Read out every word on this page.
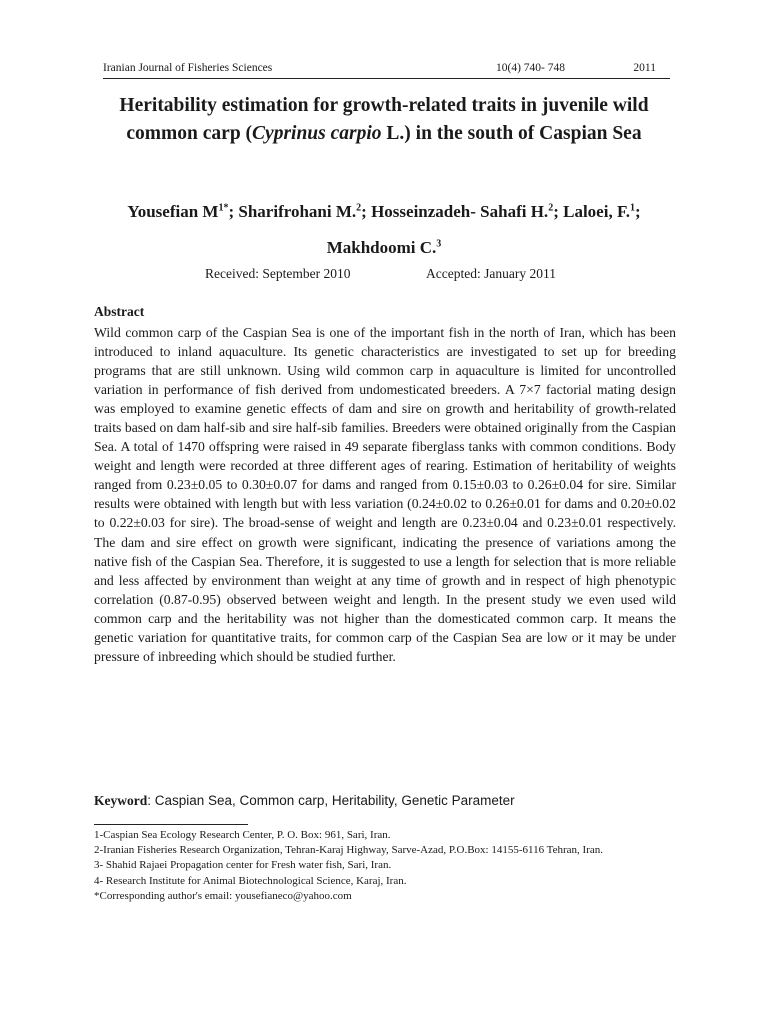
Iranian Journal of Fisheries Sciences	10(4) 740- 748	2011
Heritability estimation for growth-related traits in juvenile wild common carp (Cyprinus carpio L.) in the south of Caspian Sea
Yousefian $M^{1*}$; Sharifrohani M.$^2$; Hosseinzadeh- Sahafi H.$^2$; Laloei, F.$^1$; Makhdoomi C.$^3$
Received: September 2010	Accepted: January 2011
Abstract

Wild common carp of the Caspian Sea is one of the important fish in the north of Iran, which has been introduced to inland aquaculture. Its genetic characteristics are investigated to set up for breeding programs that are still unknown. Using wild common carp in aquaculture is limited for uncontrolled variation in performance of fish derived from undomesticated breeders. A 7×7 factorial mating design was employed to examine genetic effects of dam and sire on growth and heritability of growth-related traits based on dam half-sib and sire half-sib families. Breeders were obtained originally from the Caspian Sea. A total of 1470 offspring were raised in 49 separate fiberglass tanks with common conditions. Body weight and length were recorded at three different ages of rearing. Estimation of heritability of weights ranged from 0.23±0.05 to 0.30±0.07 for dams and ranged from 0.15±0.03 to 0.26±0.04 for sire. Similar results were obtained with length but with less variation (0.24±0.02 to 0.26±0.01 for dams and 0.20±0.02 to 0.22±0.03 for sire). The broad-sense of weight and length are 0.23±0.04 and 0.23±0.01 respectively. The dam and sire effect on growth were significant, indicating the presence of variations among the native fish of the Caspian Sea. Therefore, it is suggested to use a length for selection that is more reliable and less affected by environment than weight at any time of growth and in respect of high phenotypic correlation (0.87-0.95) observed between weight and length. In the present study we even used wild common carp and the heritability was not higher than the domesticated common carp. It means the genetic variation for quantitative traits, for common carp of the Caspian Sea are low or it may be under pressure of inbreeding which should be studied further.

Keyword: Caspian Sea, Common carp, Heritability, Genetic Parameter

1-Caspian Sea Ecology Research Center, P. O. Box: 961, Sari, Iran.

2-Iranian Fisheries Research Organization, Tehran-Karaj Highway, Sarve-Azad, P.O.Box: 14155-6116 Tehran, Iran.

3- Shahid Rajaei Propagation center for Fresh water fish, Sari, Iran.

4- Research Institute for Animal Biotechnological Science, Karaj, Iran.

*Corresponding author's email: yousefianeco@yahoo.com
